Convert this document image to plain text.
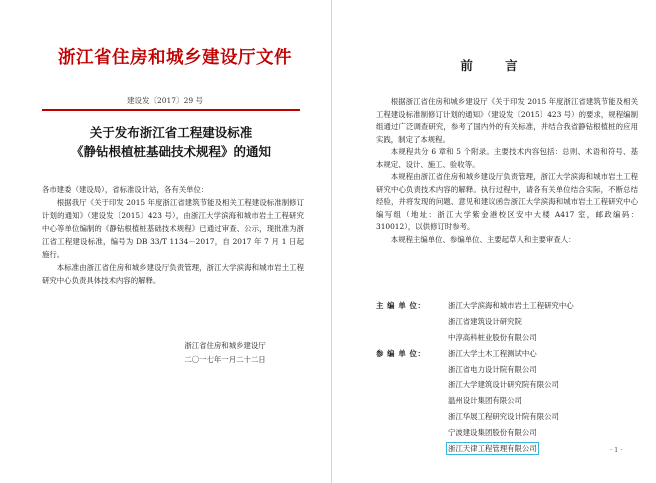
浙江省住房和城乡建设厅文件
建设发〔2017〕29 号
关于发布浙江省工程建设标准
《静钻根植桩基础技术规程》的通知

各市建委（建设局），省标准设计站，各有关单位：

根据我厅《关于印发 2015 年度浙江省建筑节能及相关工程建设标准制修订计划的通知》（建设发〔2015〕423 号），由浙江大学滨海和城市岩土工程研究中心等单位编制的《静钻根植桩基础技术规程》已通过审查、公示，现批准为浙江省工程建设标准，编号为 DB 33/T 1134－2017，自 2017 年 7 月 1 日起施行。

本标准由浙江省住房和城乡建设厅负责管理，浙江大学滨海和城市岩土工程研究中心负责具体技术内容的解释。

浙江省住房和城乡建设厅
二〇一七年一月二十二日
前 言

根据浙江省住房和城乡建设厅《关于印发 2015 年度浙江省建筑节能及相关工程建设标准制修订计划的通知》（建设发〔2015〕423 号）的要求，规程编制组通过广泛调查研究，参考了国内外的有关标准，并结合我省静钻根植桩的应用实践，制定了本规程。

本规程共分 6 章和 5 个附录。主要技术内容包括：总则、术语和符号、基本规定、设计、施工、验收等。

本规程由浙江省住房和城乡建设厅负责管理，浙江大学滨海和城市岩土工程研究中心负责技术内容的解释。执行过程中，请各有关单位结合实际，不断总结经验，并将发现的问题、意见和建议函告浙江大学滨海和城市岩土工程研究中心编写组（地址：浙江大学紫金港校区安中大楼 A417 室，邮政编码：310012），以供修订时参考。

本规程主编单位、参编单位、主要起草人和主要审查人：

主 编 单 位：	浙江大学滨海和城市岩土工程研究中心
浙江省建筑设计研究院
中淳高科桩业股份有限公司
参 编 单 位：	浙江大学土木工程测试中心
浙江省电力设计院有限公司
浙江大学建筑设计研究院有限公司
温州设计集团有限公司
浙江华展工程研究设计院有限公司
宁波建设集团股份有限公司
浙江天律工程管理有限公司	· 1 ·
